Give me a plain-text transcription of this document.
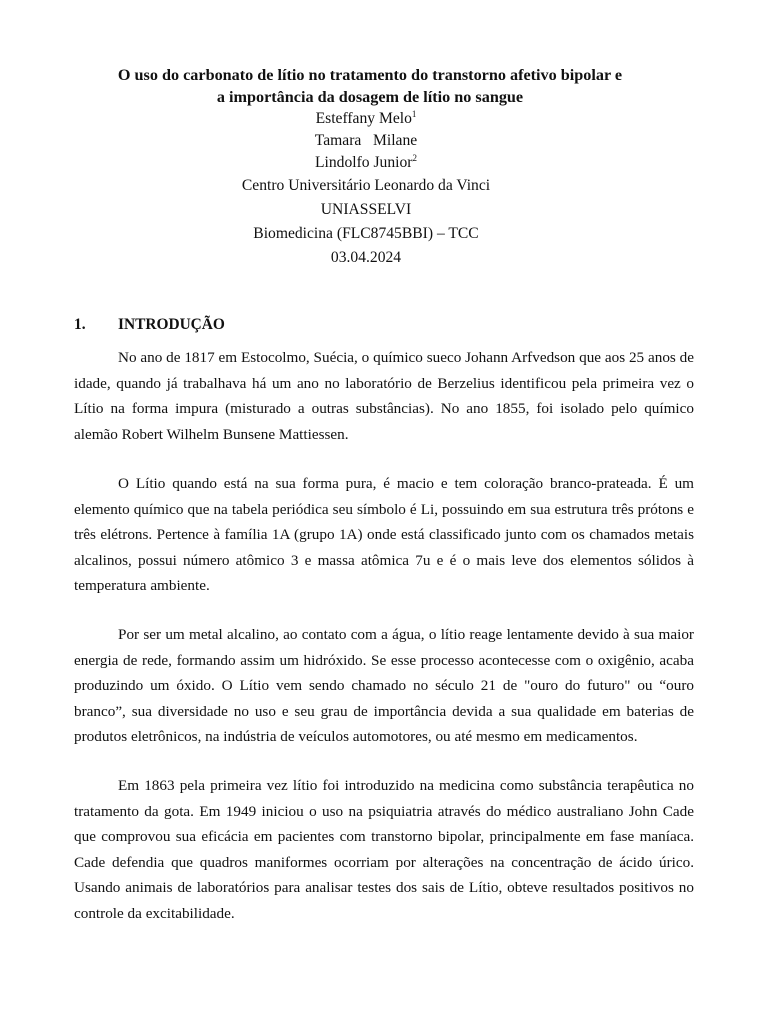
O uso do carbonato de lítio no tratamento do transtorno afetivo bipolar e
a importância da dosagem de lítio no sangue
Esteffany Melo$^1$
Tamara   Milane
Lindolfo Junior$^2$
Centro Universitário Leonardo da Vinci
UNIASSELVI
Biomedicina (FLC8745BBI) – TCC
03.04.2024
1. INTRODUÇÃO

No ano de 1817 em Estocolmo, Suécia, o químico sueco Johann Arfvedson que aos 25 anos de idade, quando já trabalhava há um ano no laboratório de Berzelius identificou pela primeira vez o Lítio na forma impura (misturado a outras substâncias). No ano 1855, foi isolado pelo químico alemão Robert Wilhelm Bunsene Mattiessen.

O Lítio quando está na sua forma pura, é macio e tem coloração branco-prateada. É um elemento químico que na tabela periódica seu símbolo é Li, possuindo em sua estrutura três prótons e três elétrons. Pertence à família 1A (grupo 1A) onde está classificado junto com os chamados metais alcalinos, possui número atômico 3 e massa atômica 7u e é o mais leve dos elementos sólidos à temperatura ambiente.

Por ser um metal alcalino, ao contato com a água, o lítio reage lentamente devido à sua maior energia de rede, formando assim um hidróxido. Se esse processo acontecesse com o oxigênio, acaba produzindo um óxido. O Lítio vem sendo chamado no século 21 de "ouro do futuro" ou “ouro branco”, sua diversidade no uso e seu grau de importância devida a sua qualidade em baterias de produtos eletrônicos, na indústria de veículos automotores, ou até mesmo em medicamentos.

Em 1863 pela primeira vez lítio foi introduzido na medicina como substância terapêutica no tratamento da gota. Em 1949 iniciou o uso na psiquiatria através do médico australiano John Cade que comprovou sua eficácia em pacientes com transtorno bipolar, principalmente em fase maníaca. Cade defendia que quadros maniformes ocorriam por alterações na concentração de ácido úrico. Usando animais de laboratórios para analisar testes dos sais de Lítio, obteve resultados positivos no controle da excitabilidade.
